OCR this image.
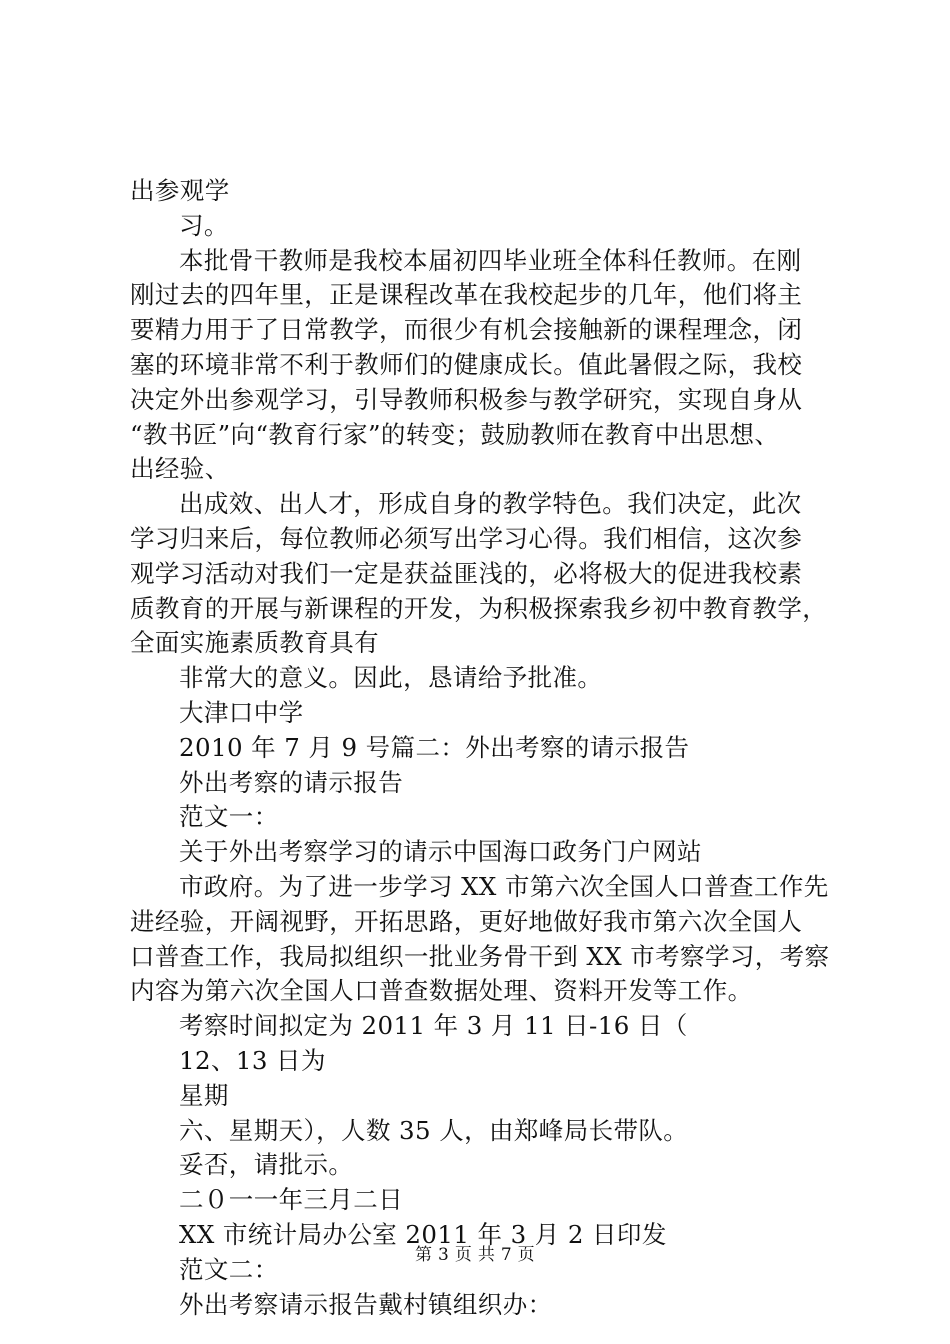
出参观学
习。
本批骨干教师是我校本届初四毕业班全体科任教师。在刚
刚过去的四年里，正是课程改革在我校起步的几年，他们将主
要精力用于了日常教学，而很少有机会接触新的课程理念，闭
塞的环境非常不利于教师们的健康成长。值此暑假之际，我校
决定外出参观学习，引导教师积极参与教学研究，实现自身从
“教书匠”向“教育行家”的转变；鼓励教师在教育中出思想、
出经验、
出成效、出人才，形成自身的教学特色。我们决定，此次
学习归来后，每位教师必须写出学习心得。我们相信，这次参
观学习活动对我们一定是获益匪浅的，必将极大的促进我校素
质教育的开展与新课程的开发，为积极探索我乡初中教育教学，
全面实施素质教育具有
非常大的意义。因此，恳请给予批准。
大津口中学
2010 年 7 月 9 号篇二：外出考察的请示报告
外出考察的请示报告
范文一：
关于外出考察学习的请示中国海口政务门户网站
市政府。为了进一步学习 XX 市第六次全国人口普查工作先
进经验，开阔视野，开拓思路，更好地做好我市第六次全国人
口普查工作，我局拟组织一批业务骨干到 XX 市考察学习，考察
内容为第六次全国人口普查数据处理、资料开发等工作。
考察时间拟定为 2011 年 3 月 11 日-16 日（
12、13 日为
星期
六、星期天），人数 35 人，由郑峰局长带队。
妥否，请批示。
二０一一年三月二日
XX 市统计局办公室 2011 年 3 月 2 日印发
范文二：
外出考察请示报告戴村镇组织办：
第 3 页 共 7 页
